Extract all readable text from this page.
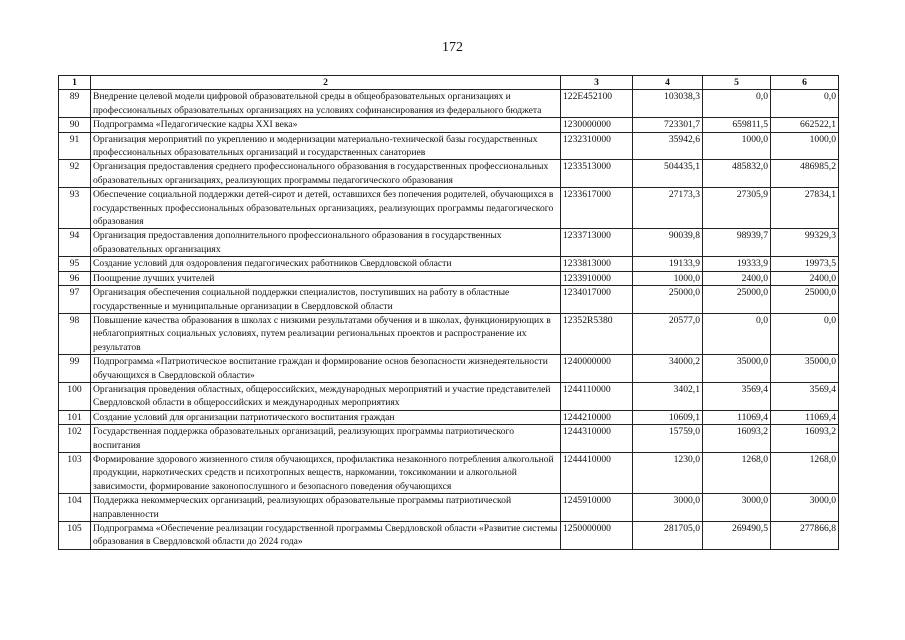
172
1	2	3	4	5	6
89	Внедрение целевой модели цифровой образовательной среды в общеобразовательных организациях и профессиональных образовательных организациях на условиях софинансирования из федерального бюджета	122E452100	103038,3	0,0	0,0
90	Подпрограмма «Педагогические кадры XXI века»	1230000000	723301,7	659811,5	662522,1
91	Организация мероприятий по укреплению и модернизации материально-технической базы государственных профессиональных образовательных организаций и государственных санаториев	1232310000	35942,6	1000,0	1000,0
92	Организация предоставления среднего профессионального образования в государственных профессиональных образовательных организациях, реализующих программы педагогического образования	1233513000	504435,1	485832,0	486985,2
93	Обеспечение социальной поддержки детей-сирот и детей, оставшихся без попечения родителей, обучающихся в государственных профессиональных образовательных организациях, реализующих программы педагогического образования	1233617000	27173,3	27305,9	27834,1
94	Организация предоставления дополнительного профессионального образования в государственных образовательных организациях	1233713000	90039,8	98939,7	99329,3
95	Создание условий для оздоровления педагогических работников Свердловской области	1233813000	19133,9	19333,9	19973,5
96	Поощрение лучших учителей	1233910000	1000,0	2400,0	2400,0
97	Организация обеспечения социальной поддержки специалистов, поступивших на работу в областные государственные и муниципальные организации в Свердловской области	1234017000	25000,0	25000,0	25000,0
98	Повышение качества образования в школах с низкими результатами обучения и в школах, функционирующих в неблагоприятных социальных условиях, путем реализации региональных проектов и распространение их результатов	12352R5380	20577,0	0,0	0,0
99	Подпрограмма «Патриотическое воспитание граждан и формирование основ безопасности жизнедеятельности обучающихся в Свердловской области»	1240000000	34000,2	35000,0	35000,0
100	Организация проведения областных, общероссийских, международных мероприятий и участие представителей Свердловской области в общероссийских и международных мероприятиях	1244110000	3402,1	3569,4	3569,4
101	Создание условий для организации патриотического воспитания граждан	1244210000	10609,1	11069,4	11069,4
102	Государственная поддержка образовательных организаций, реализующих программы патриотического воспитания	1244310000	15759,0	16093,2	16093,2
103	Формирование здорового жизненного стиля обучающихся, профилактика незаконного потребления алкогольной продукции, наркотических средств и психотропных веществ, наркомании, токсикомании и алкогольной зависимости, формирование законопослушного и безопасного поведения обучающихся	1244410000	1230,0	1268,0	1268,0
104	Поддержка некоммерческих организаций, реализующих образовательные программы патриотической направленности	1245910000	3000,0	3000,0	3000,0
105	Подпрограмма «Обеспечение реализации государственной программы Свердловской области «Развитие системы образования в Свердловской области до 2024 года»	1250000000	281705,0	269490,5	277866,8
